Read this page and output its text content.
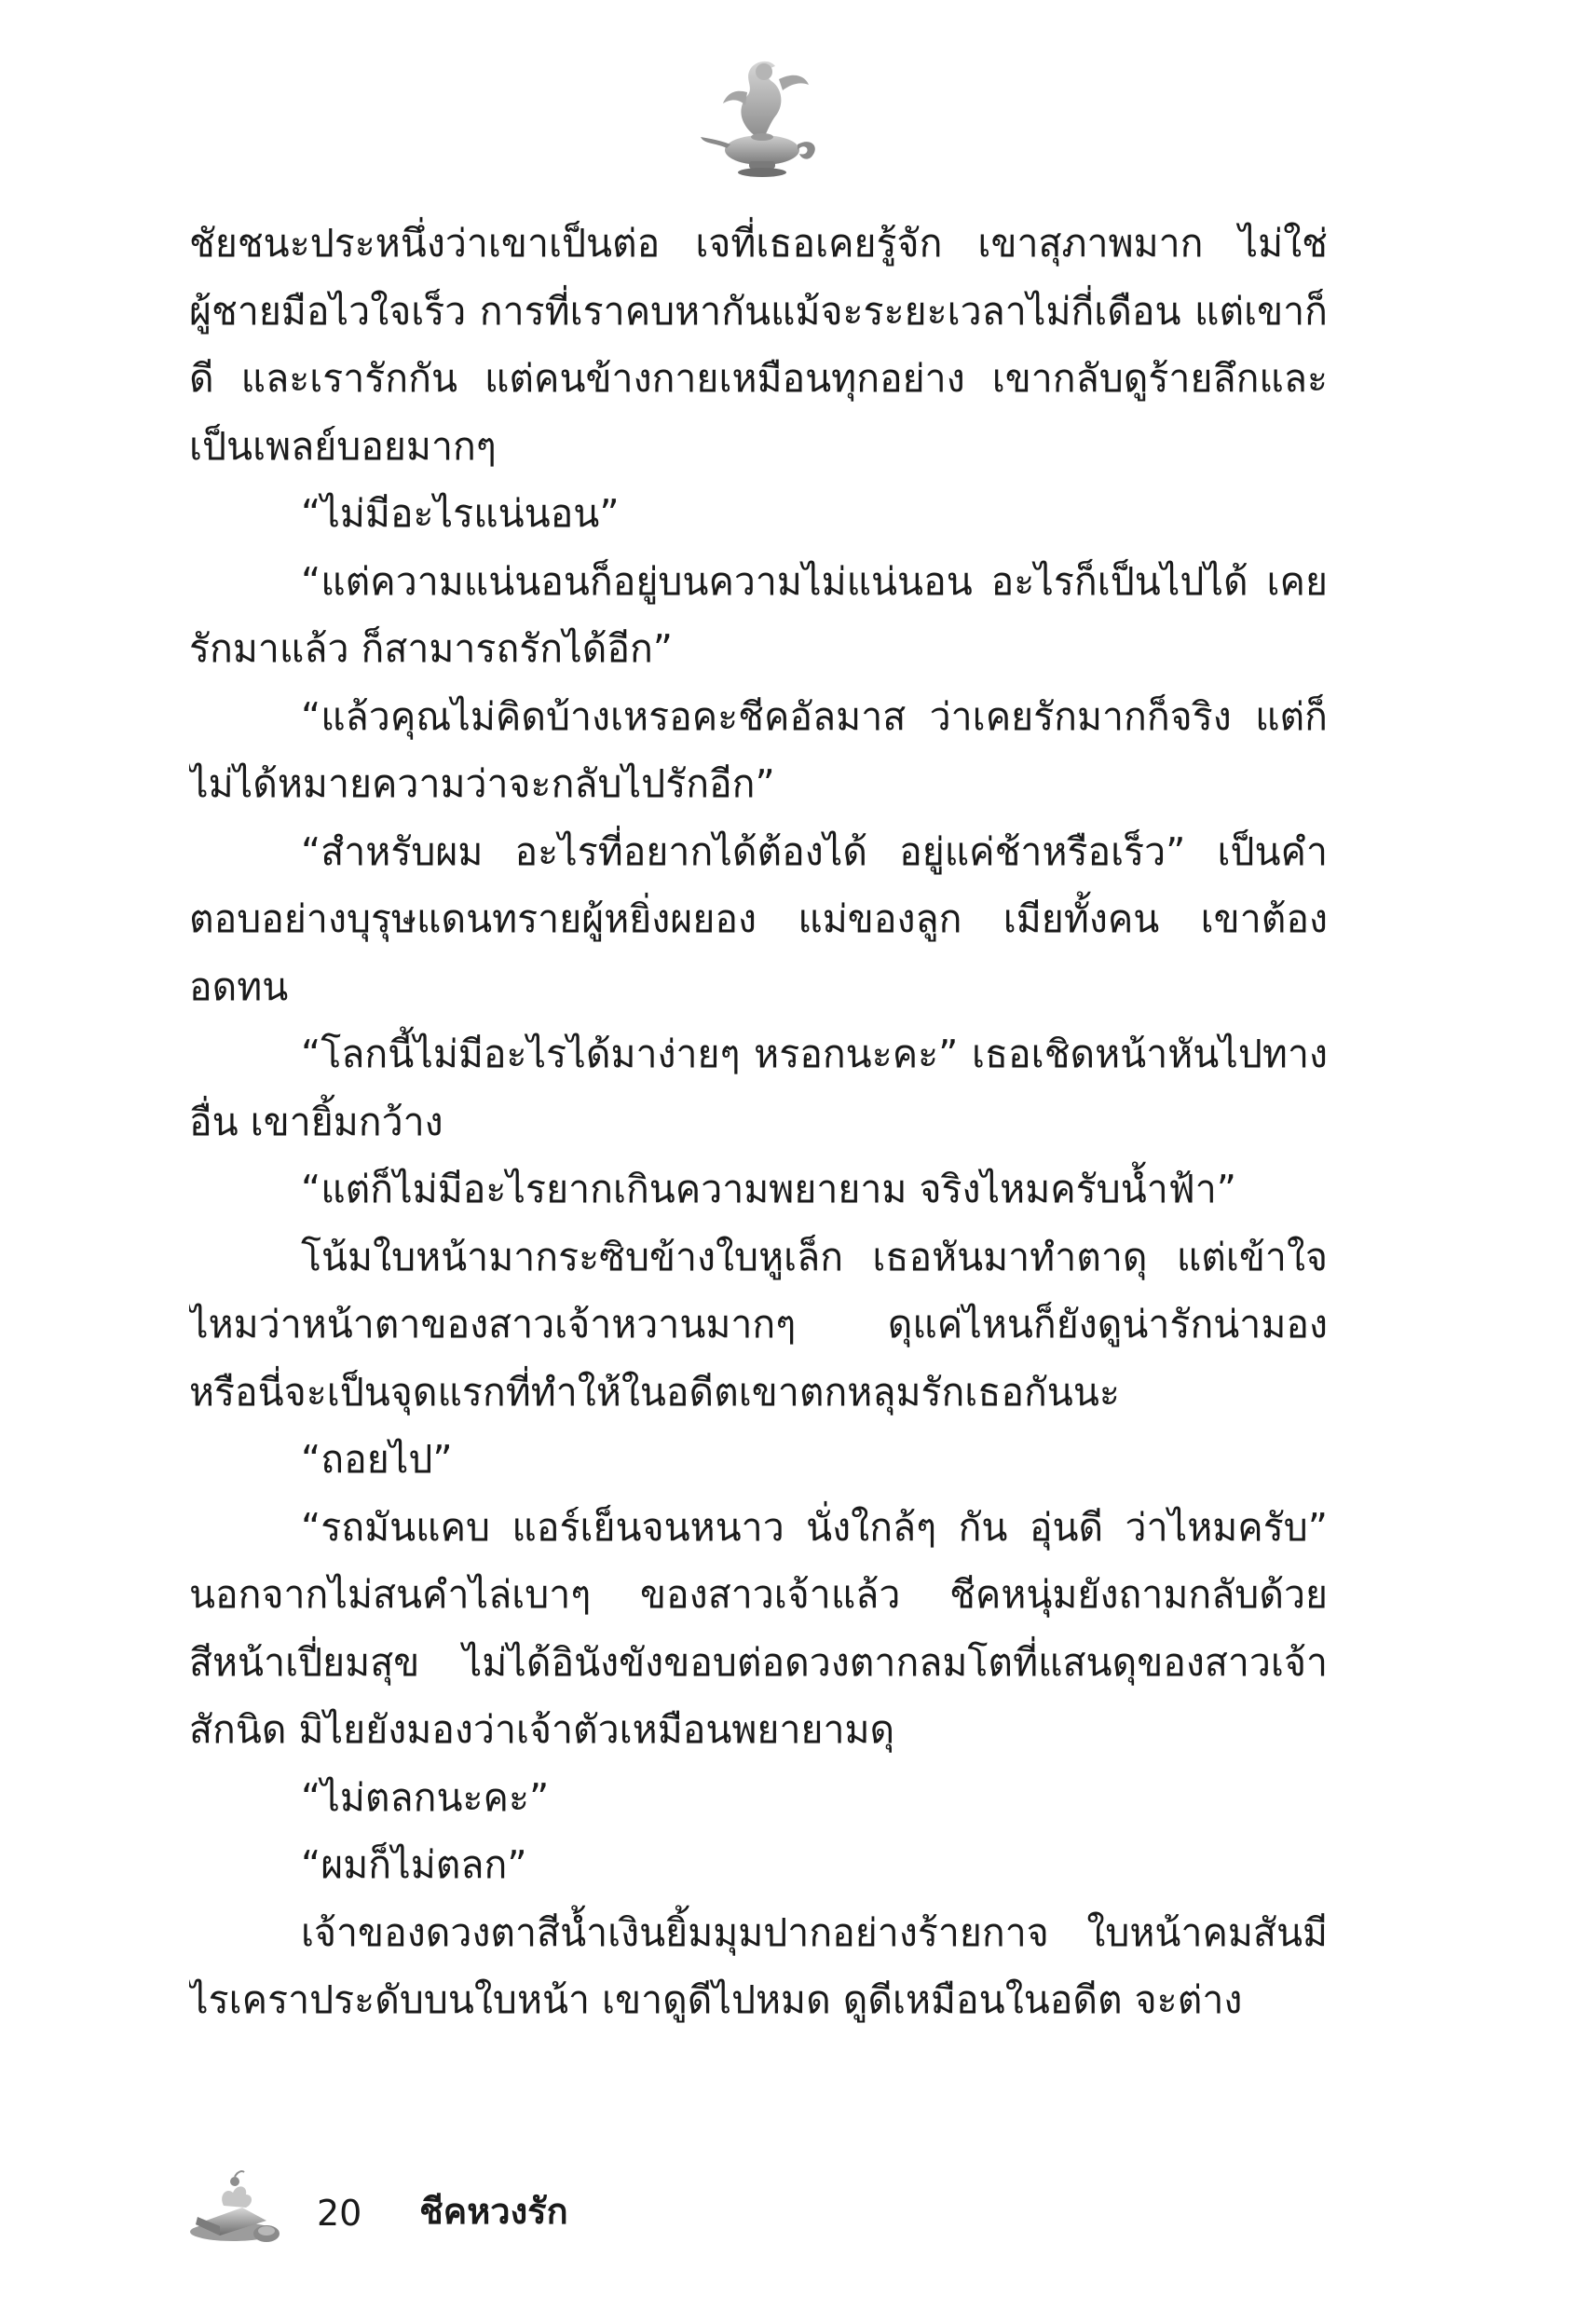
ชัยชนะประหนึ่งว่าเขาเป็นต่อ เจที่เธอเคยรู้จัก เขาสุภาพมาก ไม่ใช่ผู้ชายมือไวใจเร็ว การที่เราคบหากันแม้จะระยะเวลาไม่กี่เดือน แต่เขาก็ดี และเรารักกัน แต่คนข้างกายเหมือนทุกอย่าง เขากลับดูร้ายลึกและเป็นเพลย์บอยมากๆ

“ไม่มีอะไรแน่นอน”

“แต่ความแน่นอนก็อยู่บนความไม่แน่นอน อะไรก็เป็นไปได้ เคยรักมาแล้ว ก็สามารถรักได้อีก”

“แล้วคุณไม่คิดบ้างเหรอคะชีคอัลมาส ว่าเคยรักมากก็จริง แต่ก็ไม่ได้หมายความว่าจะกลับไปรักอีก”

“สำหรับผม อะไรที่อยากได้ต้องได้ อยู่แค่ช้าหรือเร็ว” เป็นคำตอบอย่างบุรุษแดนทรายผู้หยิ่งผยอง แม่ของลูก เมียทั้งคน เขาต้องอดทน

“โลกนี้ไม่มีอะไรได้มาง่ายๆ หรอกนะคะ” เธอเชิดหน้าหันไปทางอื่น เขายิ้มกว้าง

“แต่ก็ไม่มีอะไรยากเกินความพยายาม จริงไหมครับน้ำฟ้า”

โน้มใบหน้ามากระซิบข้างใบหูเล็ก เธอหันมาทำตาดุ แต่เข้าใจไหมว่าหน้าตาของสาวเจ้าหวานมากๆ ดุแค่ไหนก็ยังดูน่ารักน่ามอง หรือนี่จะเป็นจุดแรกที่ทำให้ในอดีตเขาตกหลุมรักเธอกันนะ

“ถอยไป”

“รถมันแคบ แอร์เย็นจนหนาว นั่งใกล้ๆ กัน อุ่นดี ว่าไหมครับ” นอกจากไม่สนคำไล่เบาๆ ของสาวเจ้าแล้ว ชีคหนุ่มยังถามกลับด้วยสีหน้าเปี่ยมสุข ไม่ได้อินังขังขอบต่อดวงตากลมโตที่แสนดุของสาวเจ้าสักนิด มิไยยังมองว่าเจ้าตัวเหมือนพยายามดุ

“ไม่ตลกนะคะ”

“ผมก็ไม่ตลก”

เจ้าของดวงตาสีน้ำเงินยิ้มมุมปากอย่างร้ายกาจ ใบหน้าคมสันมีไรเคราประดับบนใบหน้า เขาดูดีไปหมด ดูดีเหมือนในอดีต จะต่าง

20 ชีคหวงรัก
